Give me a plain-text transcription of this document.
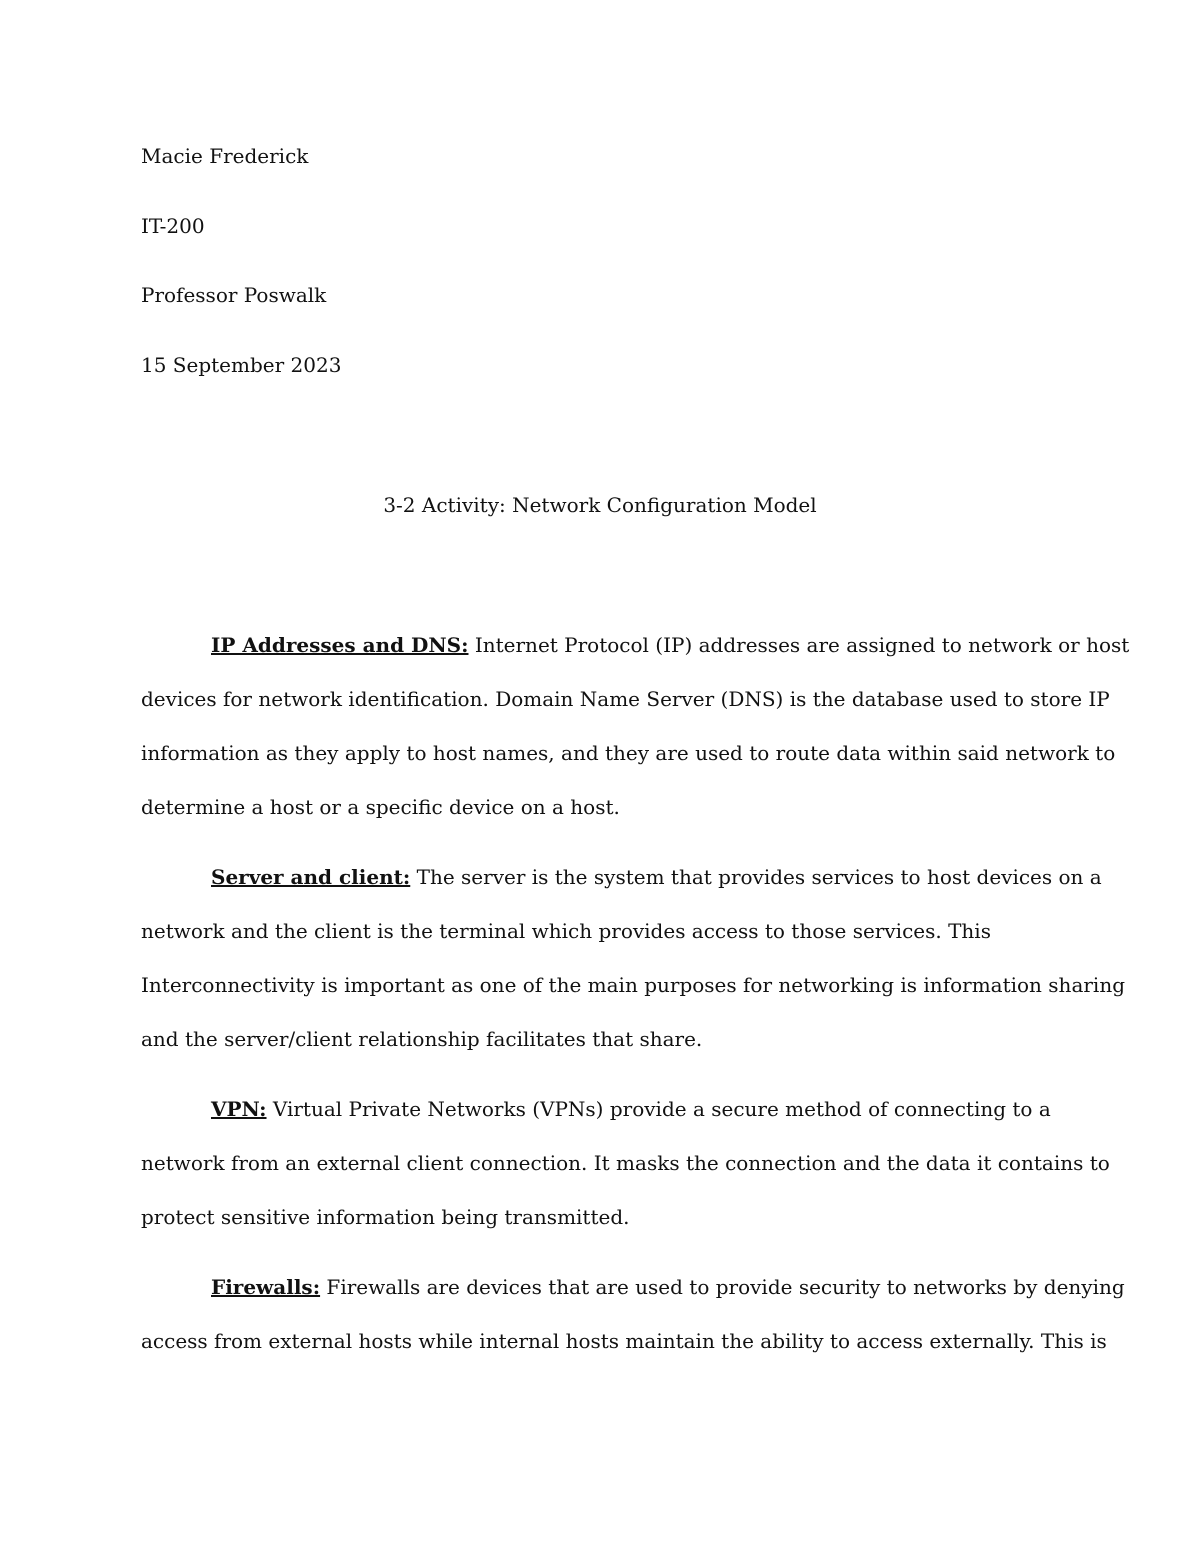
Macie Frederick
IT-200
Professor Poswalk
15 September 2023
3-2 Activity: Network Configuration Model
IP Addresses and DNS: Internet Protocol (IP) addresses are assigned to network or host
devices for network identification. Domain Name Server (DNS) is the database used to store IP
information as they apply to host names, and they are used to route data within said network to
determine a host or a specific device on a host.
Server and client: The server is the system that provides services to host devices on a
network and the client is the terminal which provides access to those services. This
Interconnectivity is important as one of the main purposes for networking is information sharing
and the server/client relationship facilitates that share.
VPN: Virtual Private Networks (VPNs) provide a secure method of connecting to a
network from an external client connection. It masks the connection and the data it contains to
protect sensitive information being transmitted.
Firewalls: Firewalls are devices that are used to provide security to networks by denying
access from external hosts while internal hosts maintain the ability to access externally. This is
